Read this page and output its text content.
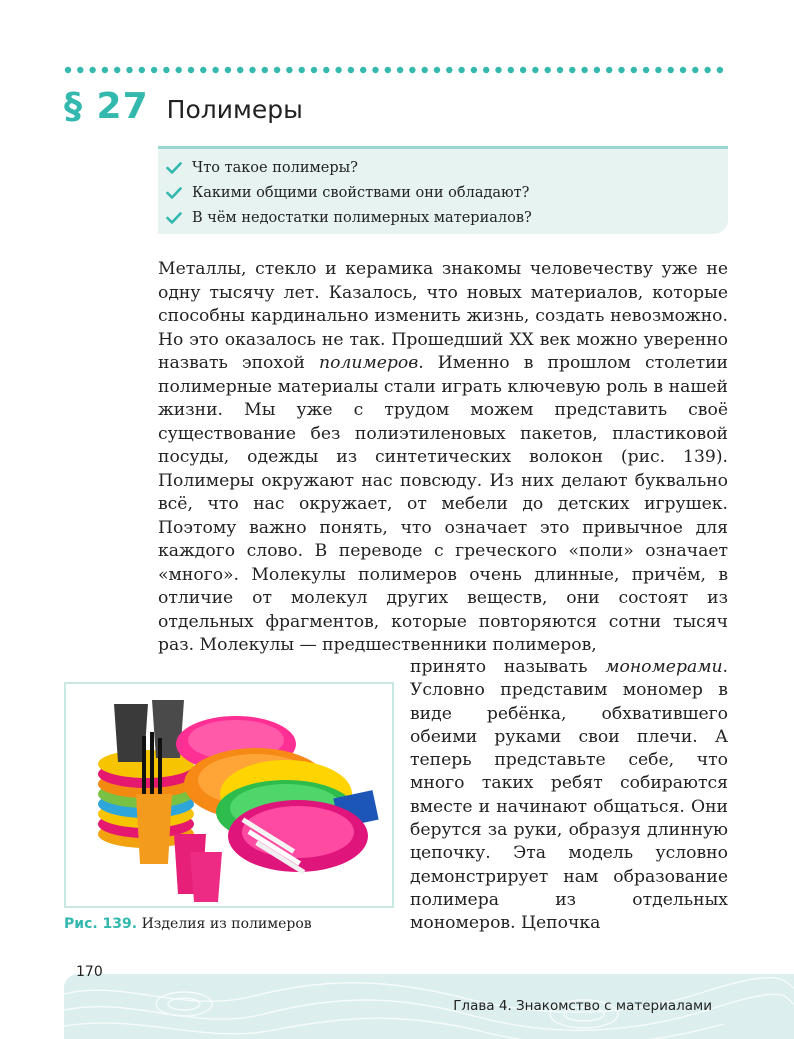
§ 27 Полимеры
Что такое полимеры?
Какими общими свойствами они обладают?
В чём недостатки полимерных материалов?

Металлы, стекло и керамика знакомы человечеству уже не одну тысячу лет. Казалось, что новых материалов, которые способны кардинально изменить жизнь, создать невозможно. Но это оказалось не так. Прошедший XX век можно уверенно назвать эпохой полимеров. Именно в прошлом столетии полимерные материалы стали играть ключевую роль в нашей жизни. Мы уже с трудом можем представить своё существование без полиэтиленовых пакетов, пластиковой посуды, одежды из синтетических волокон (рис. 139). Полимеры окружают нас повсюду. Из них делают буквально всё, что нас окружает, от мебели до детских игрушек. Поэтому важно понять, что означает это привычное для каждого слово. В переводе с греческого «поли» означает «много». Молекулы полимеров очень длинные, причём, в отличие от молекул других веществ, они состоят из отдельных фрагментов, которые повторяются сотни тысяч раз. Молекулы — предшественники полимеров,

принято называть мономерами. Условно представим мономер в виде ребёнка, обхватившего обеими руками свои плечи. А теперь представьте себе, что много таких ребят собираются вместе и начинают общаться. Они берутся за руки, образуя длинную цепочку. Эта модель условно демонстрирует нам образование полимера из отдельных мономеров. Цепочка

Рис. 139. Изделия из полимеров
170
Глава 4. Знакомство с материалами
